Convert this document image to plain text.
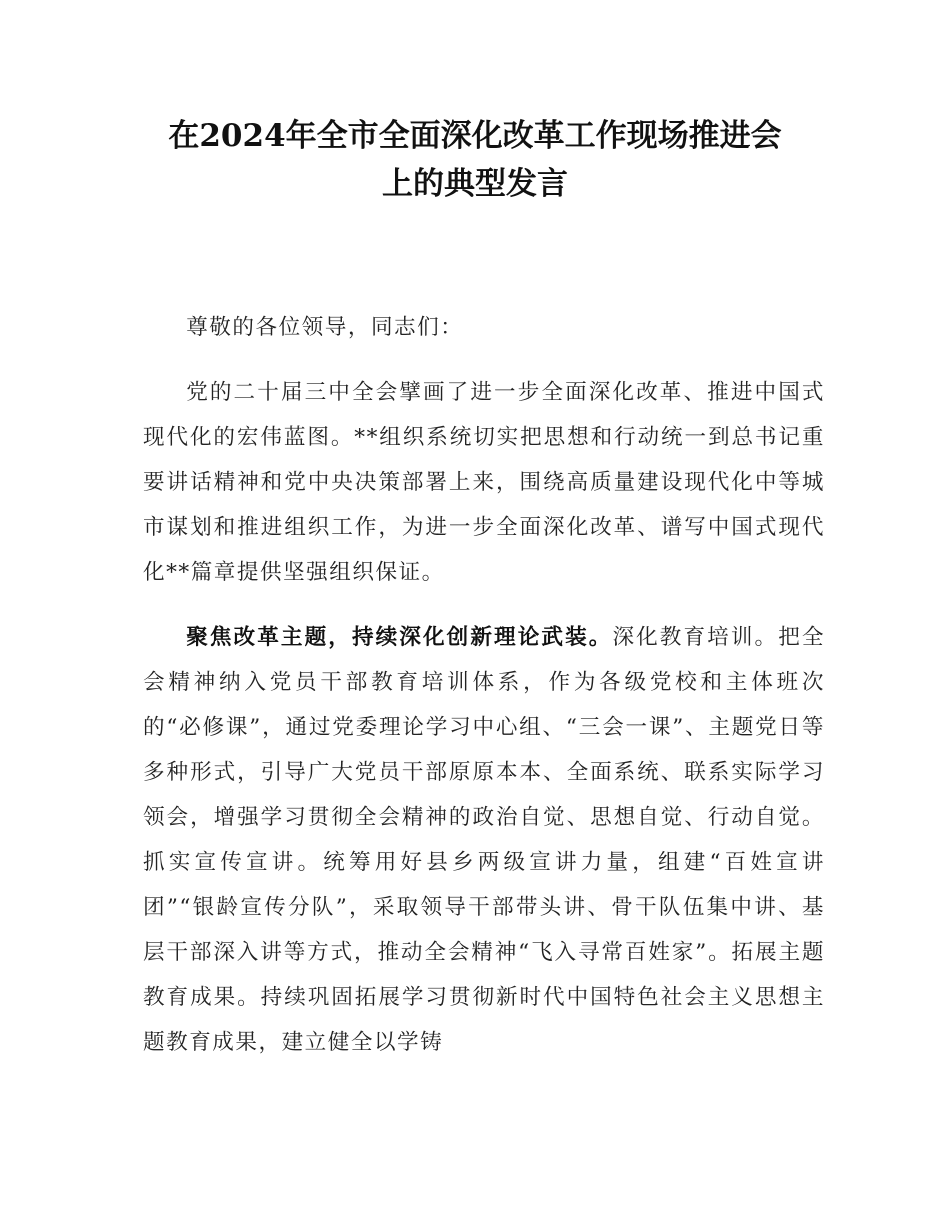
在2024年全市全面深化改革工作现场推进会
上的典型发言

尊敬的各位领导，同志们：

党的二十届三中全会擘画了进一步全面深化改革、推进中国式现代化的宏伟蓝图。**组织系统切实把思想和行动统一到总书记重要讲话精神和党中央决策部署上来，围绕高质量建设现代化中等城市谋划和推进组织工作，为进一步全面深化改革、谱写中国式现代化**篇章提供坚强组织保证。

聚焦改革主题，持续深化创新理论武装。深化教育培训。把全会精神纳入党员干部教育培训体系，作为各级党校和主体班次的“必修课”，通过党委理论学习中心组、“三会一课”、主题党日等多种形式，引导广大党员干部原原本本、全面系统、联系实际学习领会，增强学习贯彻全会精神的政治自觉、思想自觉、行动自觉。抓实宣传宣讲。统筹用好县乡两级宣讲力量，组建“百姓宣讲团”“银龄宣传分队”，采取领导干部带头讲、骨干队伍集中讲、基层干部深入讲等方式，推动全会精神“飞入寻常百姓家”。拓展主题教育成果。持续巩固拓展学习贯彻新时代中国特色社会主义思想主题教育成果，建立健全以学铸
